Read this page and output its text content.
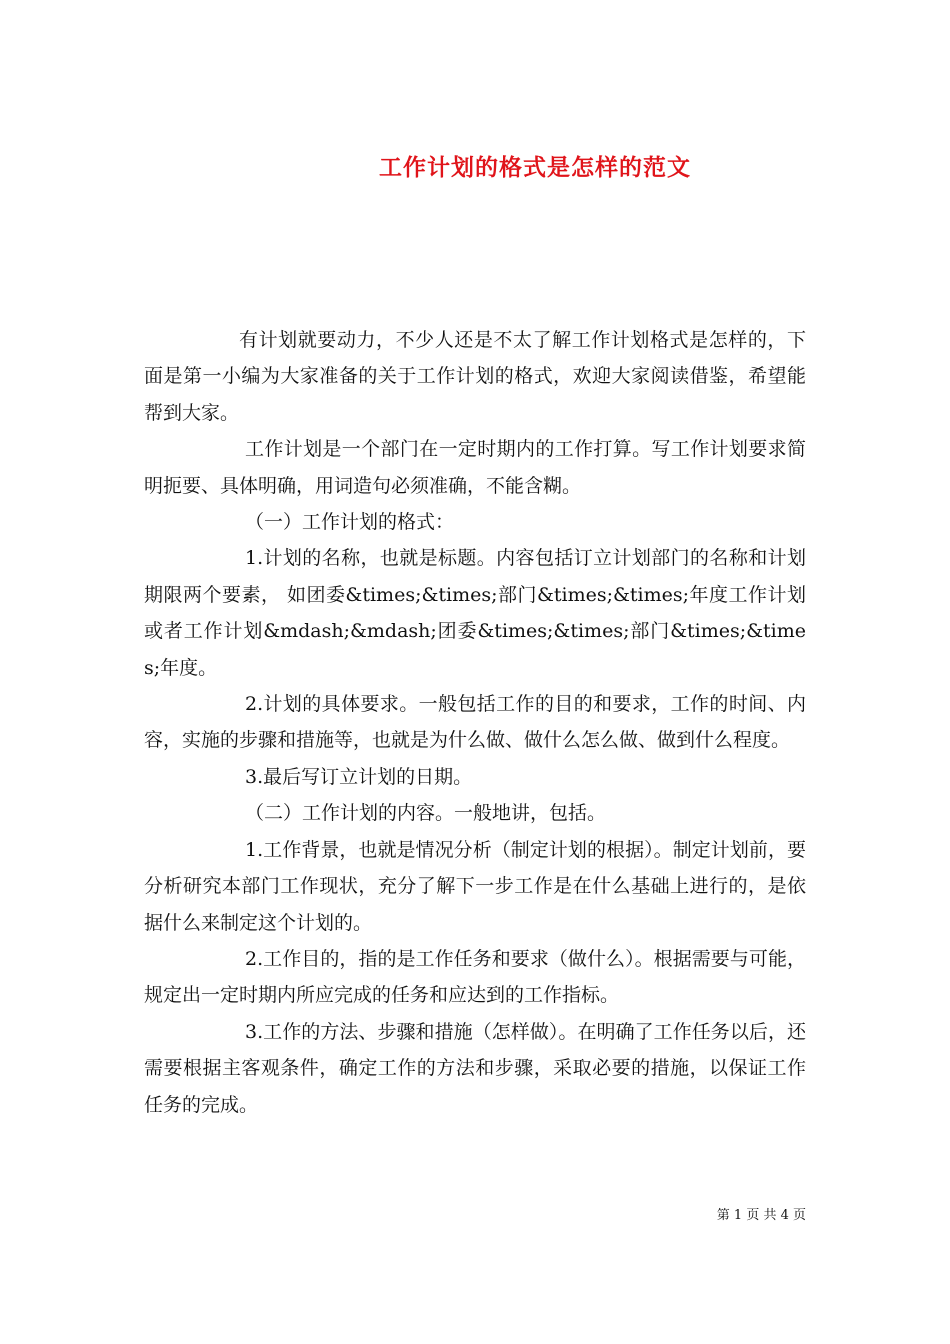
工作计划的格式是怎样的范文

有计划就要动力，不少人还是不太了解工作计划格式是怎样的，下面是第一小编为大家准备的关于工作计划的格式，欢迎大家阅读借鉴，希望能帮到大家。

工作计划是一个部门在一定时期内的工作打算。写工作计划要求简明扼要、具体明确，用词造句必须准确，不能含糊。

（一）工作计划的格式：

1.计划的名称，也就是标题。内容包括订立计划部门的名称和计划期限两个要素， 如团委&times;&times;部门&times;&times;年度工作计划或者工作计划&mdash;&mdash;团委&times;&times;部门&times;&times;年度。

2.计划的具体要求。一般包括工作的目的和要求，工作的时间、内容，实施的步骤和措施等，也就是为什么做、做什么怎么做、做到什么程度。

3.最后写订立计划的日期。

（二）工作计划的内容。一般地讲，包括。

1.工作背景，也就是情况分析（制定计划的根据）。制定计划前，要分析研究本部门工作现状，充分了解下一步工作是在什么基础上进行的，是依据什么来制定这个计划的。

2.工作目的，指的是工作任务和要求（做什么）。根据需要与可能，规定出一定时期内所应完成的任务和应达到的工作指标。

3.工作的方法、步骤和措施（怎样做）。在明确了工作任务以后，还需要根据主客观条件，确定工作的方法和步骤，采取必要的措施，以保证工作任务的完成。

第 1 页 共 4 页
